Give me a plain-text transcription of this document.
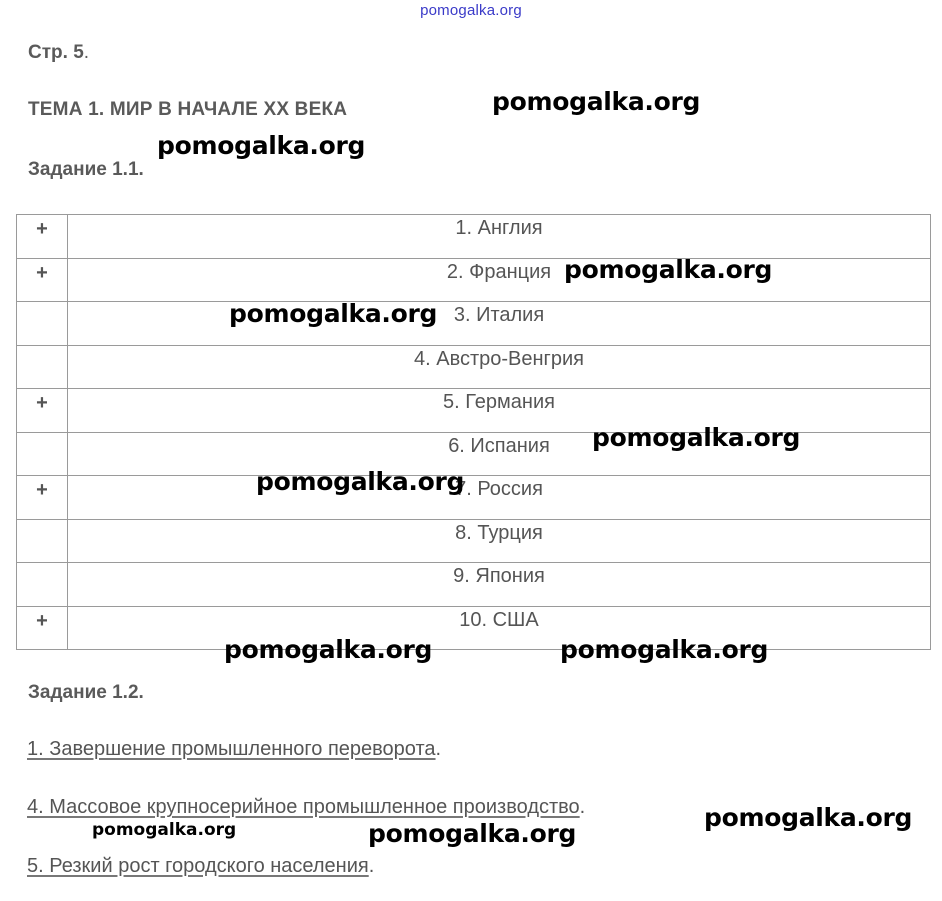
pomogalka.org
Стр. 5.
ТЕМА 1. МИР В НАЧАЛЕ XX ВЕКА
Задание 1.1.
+	1. Англия
+	2. Франция
	3. Италия
	4. Австро-Венгрия
+	5. Германия
	6. Испания
+	7. Россия
	8. Турция
	9. Япония
+	10. США
Задание 1.2.
1. Завершение промышленного переворота.
4. Массовое крупносерийное промышленное производство.
5. Резкий рост городского населения.
pomogalka.org
pomogalka.org
pomogalka.org
pomogalka.org
pomogalka.org
pomogalka.org
pomogalka.org	pomogalka.org
pomogalka.org
pomogalka.org	pomogalka.org
